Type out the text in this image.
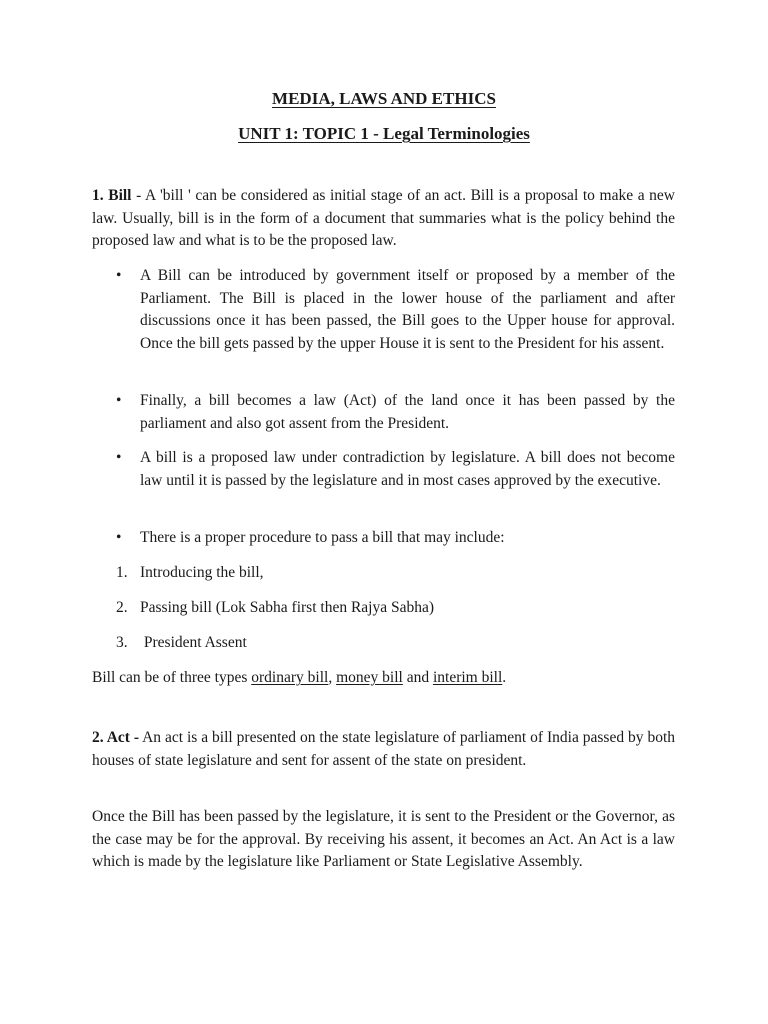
MEDIA, LAWS AND ETHICS
UNIT 1: TOPIC 1 - Legal Terminologies

1. Bill - A 'bill ' can be considered as initial stage of an act. Bill is a proposal to make a new law. Usually, bill is in the form of a document that summaries what is the policy behind the proposed law and what is to be the proposed law.

• A Bill can be introduced by government itself or proposed by a member of the Parliament. The Bill is placed in the lower house of the parliament and after discussions once it has been passed, the Bill goes to the Upper house for approval. Once the bill gets passed by the upper House it is sent to the President for his assent.
• Finally, a bill becomes a law (Act) of the land once it has been passed by the parliament and also got assent from the President.
• A bill is a proposed law under contradiction by legislature. A bill does not become law until it is passed by the legislature and in most cases approved by the executive.
• There is a proper procedure to pass a bill that may include:
1. Introducing the bill,
2. Passing bill (Lok Sabha first then Rajya Sabha)
3. President Assent

Bill can be of three types ordinary bill, money bill and interim bill.

2. Act - An act is a bill presented on the state legislature of parliament of India passed by both houses of state legislature and sent for assent of the state on president.

Once the Bill has been passed by the legislature, it is sent to the President or the Governor, as the case may be for the approval. By receiving his assent, it becomes an Act. An Act is a law which is made by the legislature like Parliament or State Legislative Assembly.
